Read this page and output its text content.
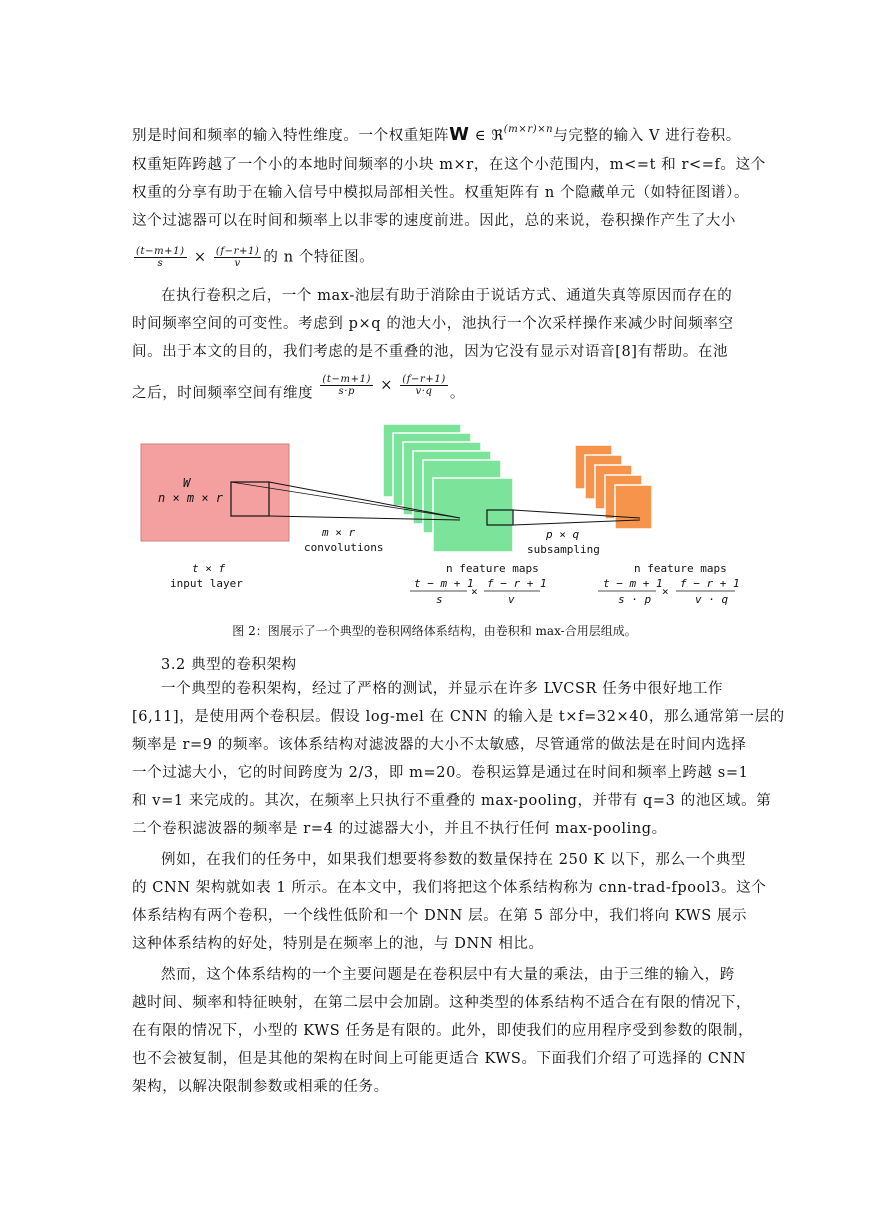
别是时间和频率的输入特性维度。一个权重矩阵W ∈ ℜ$^{(m\times r)\times n}$与完整的输入 V 进行卷积。
权重矩阵跨越了一个小的本地时间频率的小块 m×r，在这个小范围内，m<=t 和 r<=f。这个
权重的分享有助于在输入信号中模拟局部相关性。权重矩阵有 n 个隐藏单元（如特征图谱）。
这个过滤器可以在时间和频率上以非零的速度前进。因此，总的来说，卷积操作产生了大小
$\frac{(t-m+1)}{s} \times \frac{(f-r+1)}{v}$ 的 n 个特征图。
在执行卷积之后，一个 max-池层有助于消除由于说话方式、通道失真等原因而存在的
时间频率空间的可变性。考虑到 p×q 的池大小，池执行一个次采样操作来减少时间频率空
间。出于本文的目的，我们考虑的是不重叠的池，因为它没有显示对语音[8]有帮助。在池
之后，时间频率空间有维度 $\frac{(t-m+1)}{s\cdot p} \times \frac{(f-r+1)}{v\cdot q}$ 。
W
n × m × r
t × f
input layer
m × r
convolutions
p × q
subsampling
n feature maps
t − m + 1
s
×
f − r + 1
v
n feature maps
t − m + 1
s · p
×
f − r + 1
v · q
图 2：图展示了一个典型的卷积网络体系结构，由卷积和 max-合用层组成。
3.2 典型的卷积架构
一个典型的卷积架构，经过了严格的测试，并显示在许多 LVCSR 任务中很好地工作
[6,11]，是使用两个卷积层。假设 log-mel 在 CNN 的输入是 t×f=32×40，那么通常第一层的
频率是 r=9 的频率。该体系结构对滤波器的大小不太敏感，尽管通常的做法是在时间内选择
一个过滤大小，它的时间跨度为 2/3，即 m=20。卷积运算是通过在时间和频率上跨越 s=1
和 v=1 来完成的。其次，在频率上只执行不重叠的 max-pooling，并带有 q=3 的池区域。第
二个卷积滤波器的频率是 r=4 的过滤器大小，并且不执行任何 max-pooling。
例如，在我们的任务中，如果我们想要将参数的数量保持在 250 K 以下，那么一个典型
的 CNN 架构就如表 1 所示。在本文中，我们将把这个体系结构称为 cnn-trad-fpool3。这个
体系结构有两个卷积，一个线性低阶和一个 DNN 层。在第 5 部分中，我们将向 KWS 展示
这种体系结构的好处，特别是在频率上的池，与 DNN 相比。
然而，这个体系结构的一个主要问题是在卷积层中有大量的乘法，由于三维的输入，跨
越时间、频率和特征映射，在第二层中会加剧。这种类型的体系结构不适合在有限的情况下，
在有限的情况下，小型的 KWS 任务是有限的。此外，即使我们的应用程序受到参数的限制，
也不会被复制，但是其他的架构在时间上可能更适合 KWS。下面我们介绍了可选择的 CNN
架构，以解决限制参数或相乘的任务。
